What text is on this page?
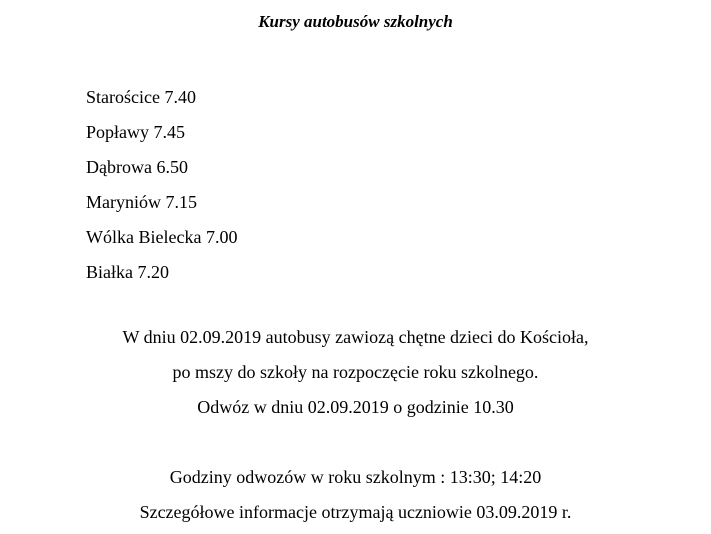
Kursy autobusów szkolnych
Starościce 7.40
Popławy 7.45
Dąbrowa 6.50
Maryniów 7.15
Wólka Bielecka 7.00
Białka 7.20

W dniu 02.09.2019 autobusy zawiozą chętne dzieci do Kościoła,

po mszy do szkoły na rozpoczęcie roku szkolnego.

Odwóz w dniu 02.09.2019 o godzinie 10.30

Godziny odwozów w roku szkolnym : 13:30; 14:20

Szczegółowe informacje otrzymają uczniowie 03.09.2019 r.
